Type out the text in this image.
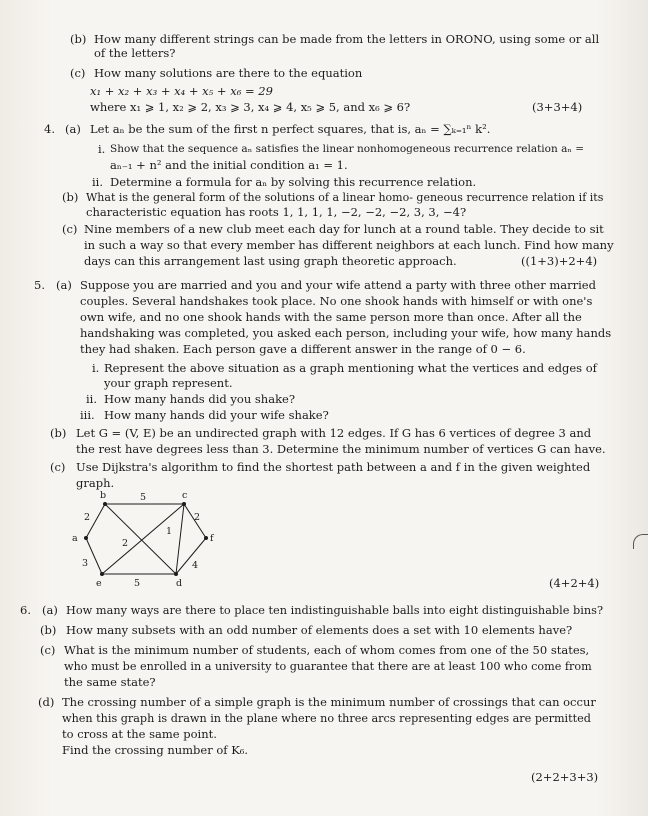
(b) How many different strings can be made from the letters in ORONO, using some or all of the letters?
(c) How many solutions are there to the equation
x₁ + x₂ + x₃ + x₄ + x₅ + x₆ = 29
where x₁ ⩾ 1, x₂ ⩾ 2, x₃ ⩾ 3, x₄ ⩾ 4, x₅ ⩾ 5, and x₆ ⩾ 6?	(3+3+4)
4. (a) Let aₙ be the sum of the first n perfect squares, that is, aₙ = ∑ₖ₌₁ⁿ k².
i. Show that the sequence aₙ satisfies the linear nonhomogeneous recurrence relation aₙ =
aₙ₋₁ + n² and the initial condition a₁ = 1.
ii. Determine a formula for aₙ by solving this recurrence relation.
(b) What is the general form of the solutions of a linear homo- geneous recurrence relation if its
characteristic equation has roots 1, 1, 1, 1, −2, −2, −2, 3, 3, −4?
(c) Nine members of a new club meet each day for lunch at a round table. They decide to sit
in such a way so that every member has different neighbors at each lunch. Find how many
days can this arrangement last using graph theoretic approach.	((1+3)+2+4)
5. (a) Suppose you are married and you and your wife attend a party with three other married
couples. Several handshakes took place. No one shook hands with himself or with one's
own wife, and no one shook hands with the same person more than once. After all the
handshaking was completed, you asked each person, including your wife, how many hands
they had shaken. Each person gave a different answer in the range of 0 − 6.
i. Represent the above situation as a graph mentioning what the vertices and edges of
your graph represent.
ii. How many hands did you shake?
iii. How many hands did your wife shake?
(b) Let G = (V, E) be an undirected graph with 12 edges. If G has 6 vertices of degree 3 and
the rest have degrees less than 3. Determine the minimum number of vertices G can have.
(c) Use Dijkstra's algorithm to find the shortest path between a and f in the given weighted
graph.
a
b	c
d
e
f
2
5
2
3
5
4
2
1
(4+2+4)
6. (a) How many ways are there to place ten indistinguishable balls into eight distinguishable bins?
(b) How many subsets with an odd number of elements does a set with 10 elements have?
(c) What is the minimum number of students, each of whom comes from one of the 50 states,
who must be enrolled in a university to guarantee that there are at least 100 who come from
the same state?
(d) The crossing number of a simple graph is the minimum number of crossings that can occur
when this graph is drawn in the plane where no three arcs representing edges are permitted
to cross at the same point.
Find the crossing number of K₆.
(2+2+3+3)
